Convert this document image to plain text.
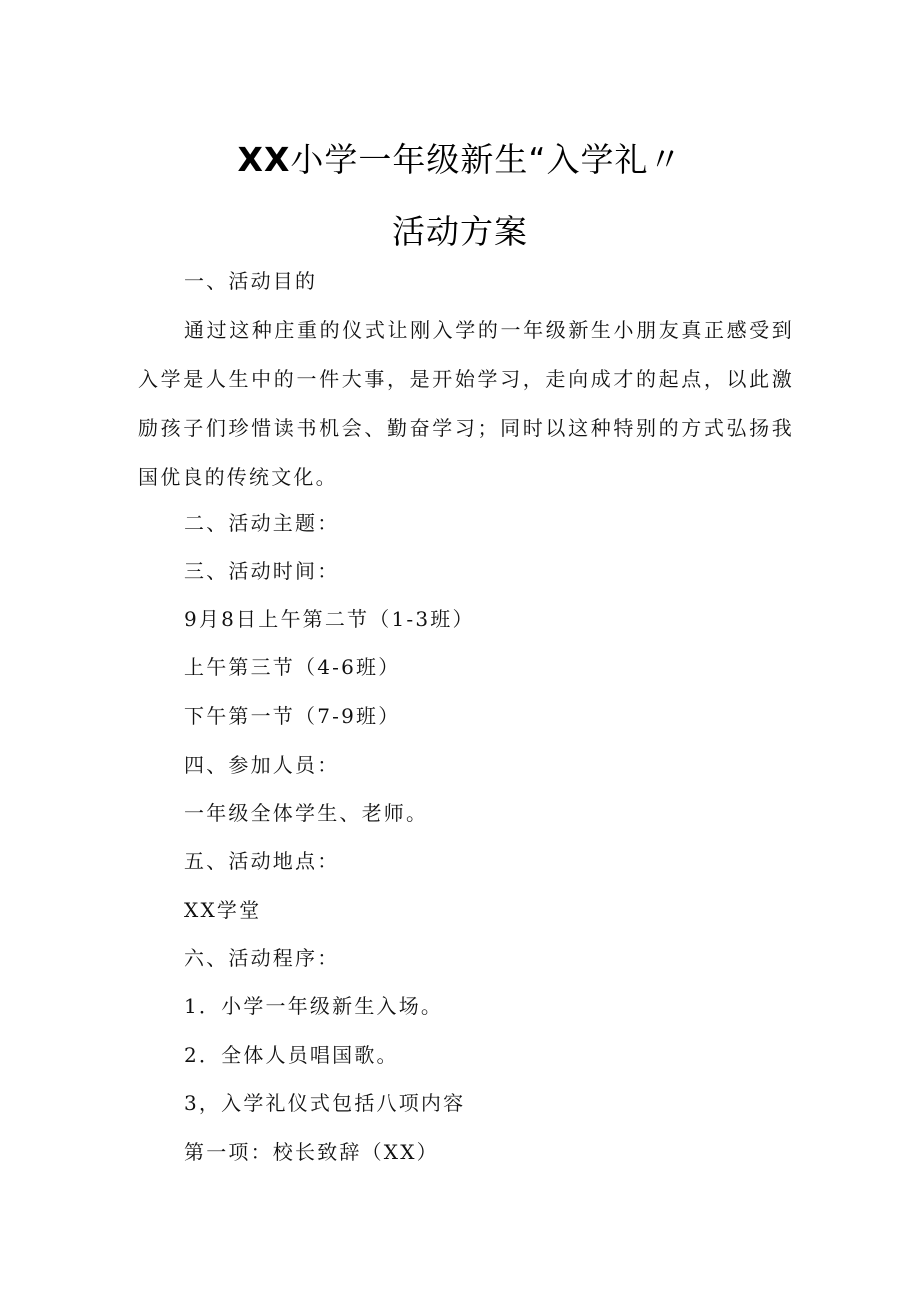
XX小学一年级新生“入学礼〃
活动方案
一、活动目的

通过这种庄重的仪式让刚入学的一年级新生小朋友真正感受到入学是人生中的一件大事，是开始学习，走向成才的起点，以此激励孩子们珍惜读书机会、勤奋学习；同时以这种特别的方式弘扬我国优良的传统文化。

二、活动主题：
三、活动时间：
9月8日上午第二节（1-3班）
上午第三节（4-6班）
下午第一节（7-9班）
四、参加人员：
一年级全体学生、老师。
五、活动地点：
XX学堂
六、活动程序：
1．小学一年级新生入场。
2．全体人员唱国歌。
3，入学礼仪式包括八项内容
第一项：校长致辞（XX）
